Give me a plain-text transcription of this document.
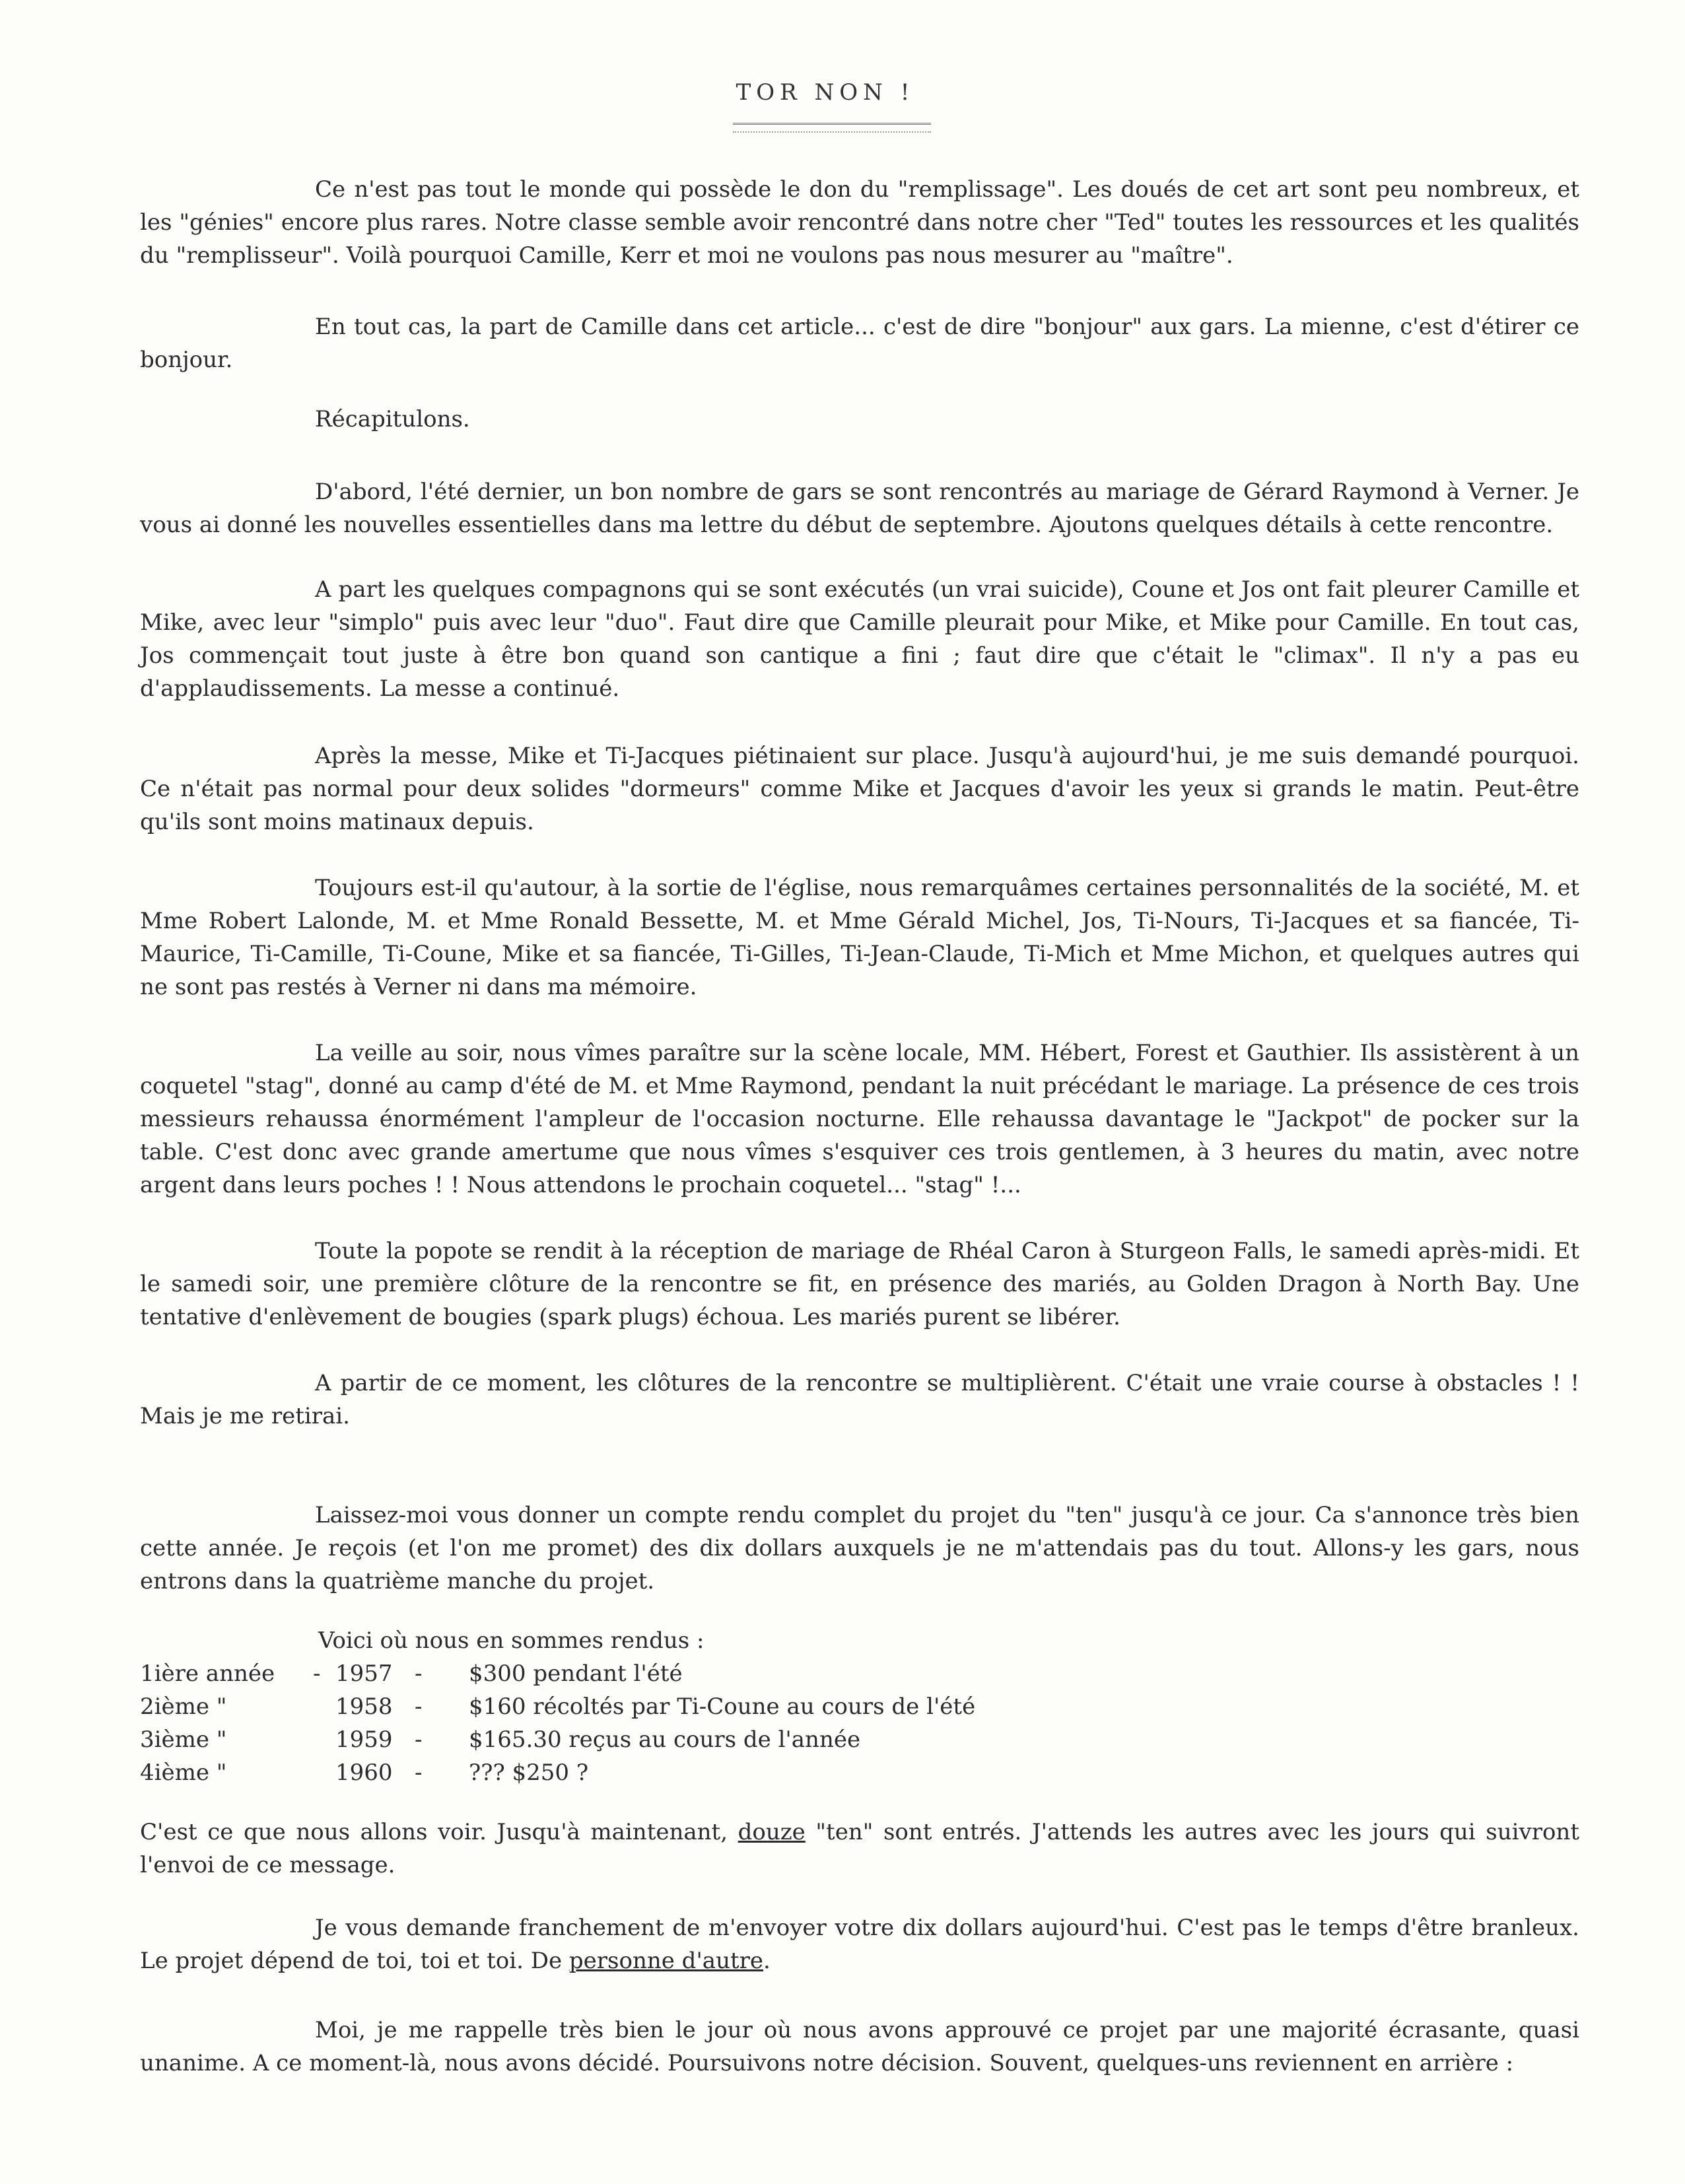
TOR NON !

Ce n'est pas tout le monde qui possède le don du "remplissage". Les doués de cet art sont peu nombreux, et les "génies" encore plus rares. Notre classe semble avoir rencontré dans notre cher "Ted" toutes les ressources et les qualités du "remplisseur". Voilà pourquoi Camille, Kerr et moi ne voulons pas nous mesurer au "maître".

En tout cas, la part de Camille dans cet article... c'est de dire "bonjour" aux gars. La mienne, c'est d'étirer ce bonjour.

Récapitulons.

D'abord, l'été dernier, un bon nombre de gars se sont rencontrés au mariage de Gérard Raymond à Verner. Je vous ai donné les nouvelles essentielles dans ma lettre du début de septembre. Ajoutons quelques détails à cette rencontre.

A part les quelques compagnons qui se sont exécutés (un vrai suicide), Coune et Jos ont fait pleurer Camille et Mike, avec leur "simplo" puis avec leur "duo". Faut dire que Camille pleurait pour Mike, et Mike pour Camille. En tout cas, Jos commençait tout juste à être bon quand son cantique a fini ; faut dire que c'était le "climax". Il n'y a pas eu d'applaudissements. La messe a continué.

Après la messe, Mike et Ti-Jacques piétinaient sur place. Jusqu'à aujourd'hui, je me suis demandé pourquoi. Ce n'était pas normal pour deux solides "dormeurs" comme Mike et Jacques d'avoir les yeux si grands le matin. Peut-être qu'ils sont moins matinaux depuis.

Toujours est-il qu'autour, à la sortie de l'église, nous remarquâmes certaines personnalités de la société, M. et Mme Robert Lalonde, M. et Mme Ronald Bessette, M. et Mme Gérald Michel, Jos, Ti-Nours, Ti-Jacques et sa fiancée, Ti-Maurice, Ti-Camille, Ti-Coune, Mike et sa fiancée, Ti-Gilles, Ti-Jean-Claude, Ti-Mich et Mme Michon, et quelques autres qui ne sont pas restés à Verner ni dans ma mémoire.

La veille au soir, nous vîmes paraître sur la scène locale, MM. Hébert, Forest et Gauthier. Ils assistèrent à un coquetel "stag", donné au camp d'été de M. et Mme Raymond, pendant la nuit précédant le mariage. La présence de ces trois messieurs rehaussa énormément l'ampleur de l'occasion nocturne. Elle rehaussa davantage le "Jackpot" de pocker sur la table. C'est donc avec grande amertume que nous vîmes s'esquiver ces trois gentlemen, à 3 heures du matin, avec notre argent dans leurs poches ! ! Nous attendons le prochain coquetel... "stag" !...

Toute la popote se rendit à la réception de mariage de Rhéal Caron à Sturgeon Falls, le samedi après-midi. Et le samedi soir, une première clôture de la rencontre se fit, en présence des mariés, au Golden Dragon à North Bay. Une tentative d'enlèvement de bougies (spark plugs) échoua. Les mariés purent se libérer.

A partir de ce moment, les clôtures de la rencontre se multiplièrent. C'était une vraie course à obstacles ! ! Mais je me retirai.

Laissez-moi vous donner un compte rendu complet du projet du "ten" jusqu'à ce jour. Ca s'annonce très bien cette année. Je reçois (et l'on me promet) des dix dollars auxquels je ne m'attendais pas du tout. Allons-y les gars, nous entrons dans la quatrième manche du projet.

Voici où nous en sommes rendus :

1ière année	- 1957 -	$300 pendant l'été
2ième "	1958 -	$160 récoltés par Ti-Coune au cours de l'été
3ième "	1959 -	$165.30 reçus au cours de l'année
4ième "	1960 -	??? $250 ?

C'est ce que nous allons voir. Jusqu'à maintenant, douze "ten" sont entrés. J'attends les autres avec les jours qui suivront l'envoi de ce message.

Je vous demande franchement de m'envoyer votre dix dollars aujourd'hui. C'est pas le temps d'être branleux. Le projet dépend de toi, toi et toi. De personne d'autre.

Moi, je me rappelle très bien le jour où nous avons approuvé ce projet par une majorité écrasante, quasi unanime. A ce moment-là, nous avons décidé. Poursuivons notre décision. Souvent, quelques-uns reviennent en arrière :
